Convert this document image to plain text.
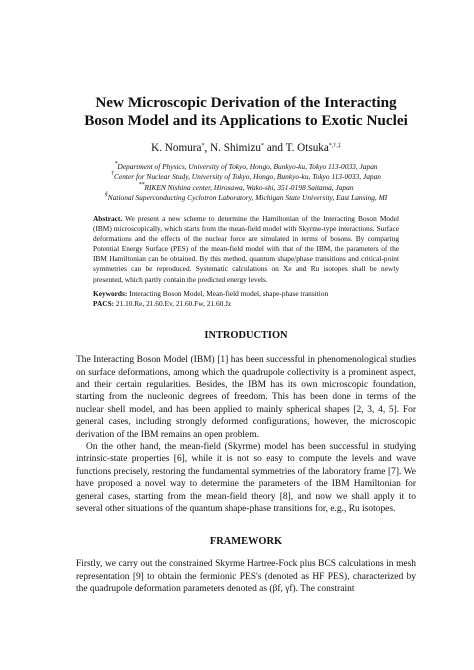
New Microscopic Derivation of the Interacting Boson Model and its Applications to Exotic Nuclei
K. Nomura*, N. Shimizu* and T. Otsuka*,†,‡
*Department of Physics, University of Tokyo, Hongo, Bunkyo-ku, Tokyo 113-0033, Japan
†Center for Nuclear Study, University of Tokyo, Hongo, Bunkyo-ku, Tokyo 113-0033, Japan
**RIKEN Nishina center, Hirosawa, Wako-shi, 351-0198 Saitama, Japan
§National Superconducting Cyclotron Laboratory, Michigan State University, East Lansing, MI

Abstract. We present a new scheme to determine the Hamiltonian of the Interacting Boson Model (IBM) microscopically, which starts from the mean-field model with Skyrme-type interactions. Surface deformations and the effects of the nuclear force are simulated in terms of bosons. By comparing Potential Energy Surface (PES) of the mean-field model with that of the IBM, the parameters of the IBM Hamiltonian can be obtained. By this method, quantum shape/phase transitions and critical-point symmetries can be reproduced. Systematic calculations on Xe and Ru isotopes shall be newly presented, which partly contain the predicted energy levels.

Keywords: Interacting Boson Model, Mean-field model, shape-phase transition
PACS: 21.10.Re, 21.60.Ev, 21.60.Fw, 21.60.Jz
INTRODUCTION

The Interacting Boson Model (IBM) [1] has been successful in phenomenological studies on surface deformations, among which the quadrupole collectivity is a prominent aspect, and their certain regularities. Besides, the IBM has its own microscopic foundation, starting from the nucleonic degrees of freedom. This has been done in terms of the nuclear shell model, and has been applied to mainly spherical shapes [2, 3, 4, 5]. For general cases, including strongly deformed configurations, however, the microscopic derivation of the IBM remains an open problem.

On the other hand, the mean-field (Skyrme) model has been successful in studying intrinsic-state properties [6], while it is not so easy to compute the levels and wave functions precisely, restoring the fundamental symmetries of the laboratory frame [7]. We have proposed a novel way to determine the parameters of the IBM Hamiltonian for general cases, starting from the mean-field theory [8], and now we shall apply it to several other situations of the quantum shape-phase transitions for, e.g., Ru isotopes.

FRAMEWORK

Firstly, we carry out the constrained Skyrme Hartree-Fock plus BCS calculations in mesh representation [9] to obtain the fermionic PES's (denoted as HF PES), characterized by the quadrupole deformation parameters denoted as (βf, γf). The constraint
